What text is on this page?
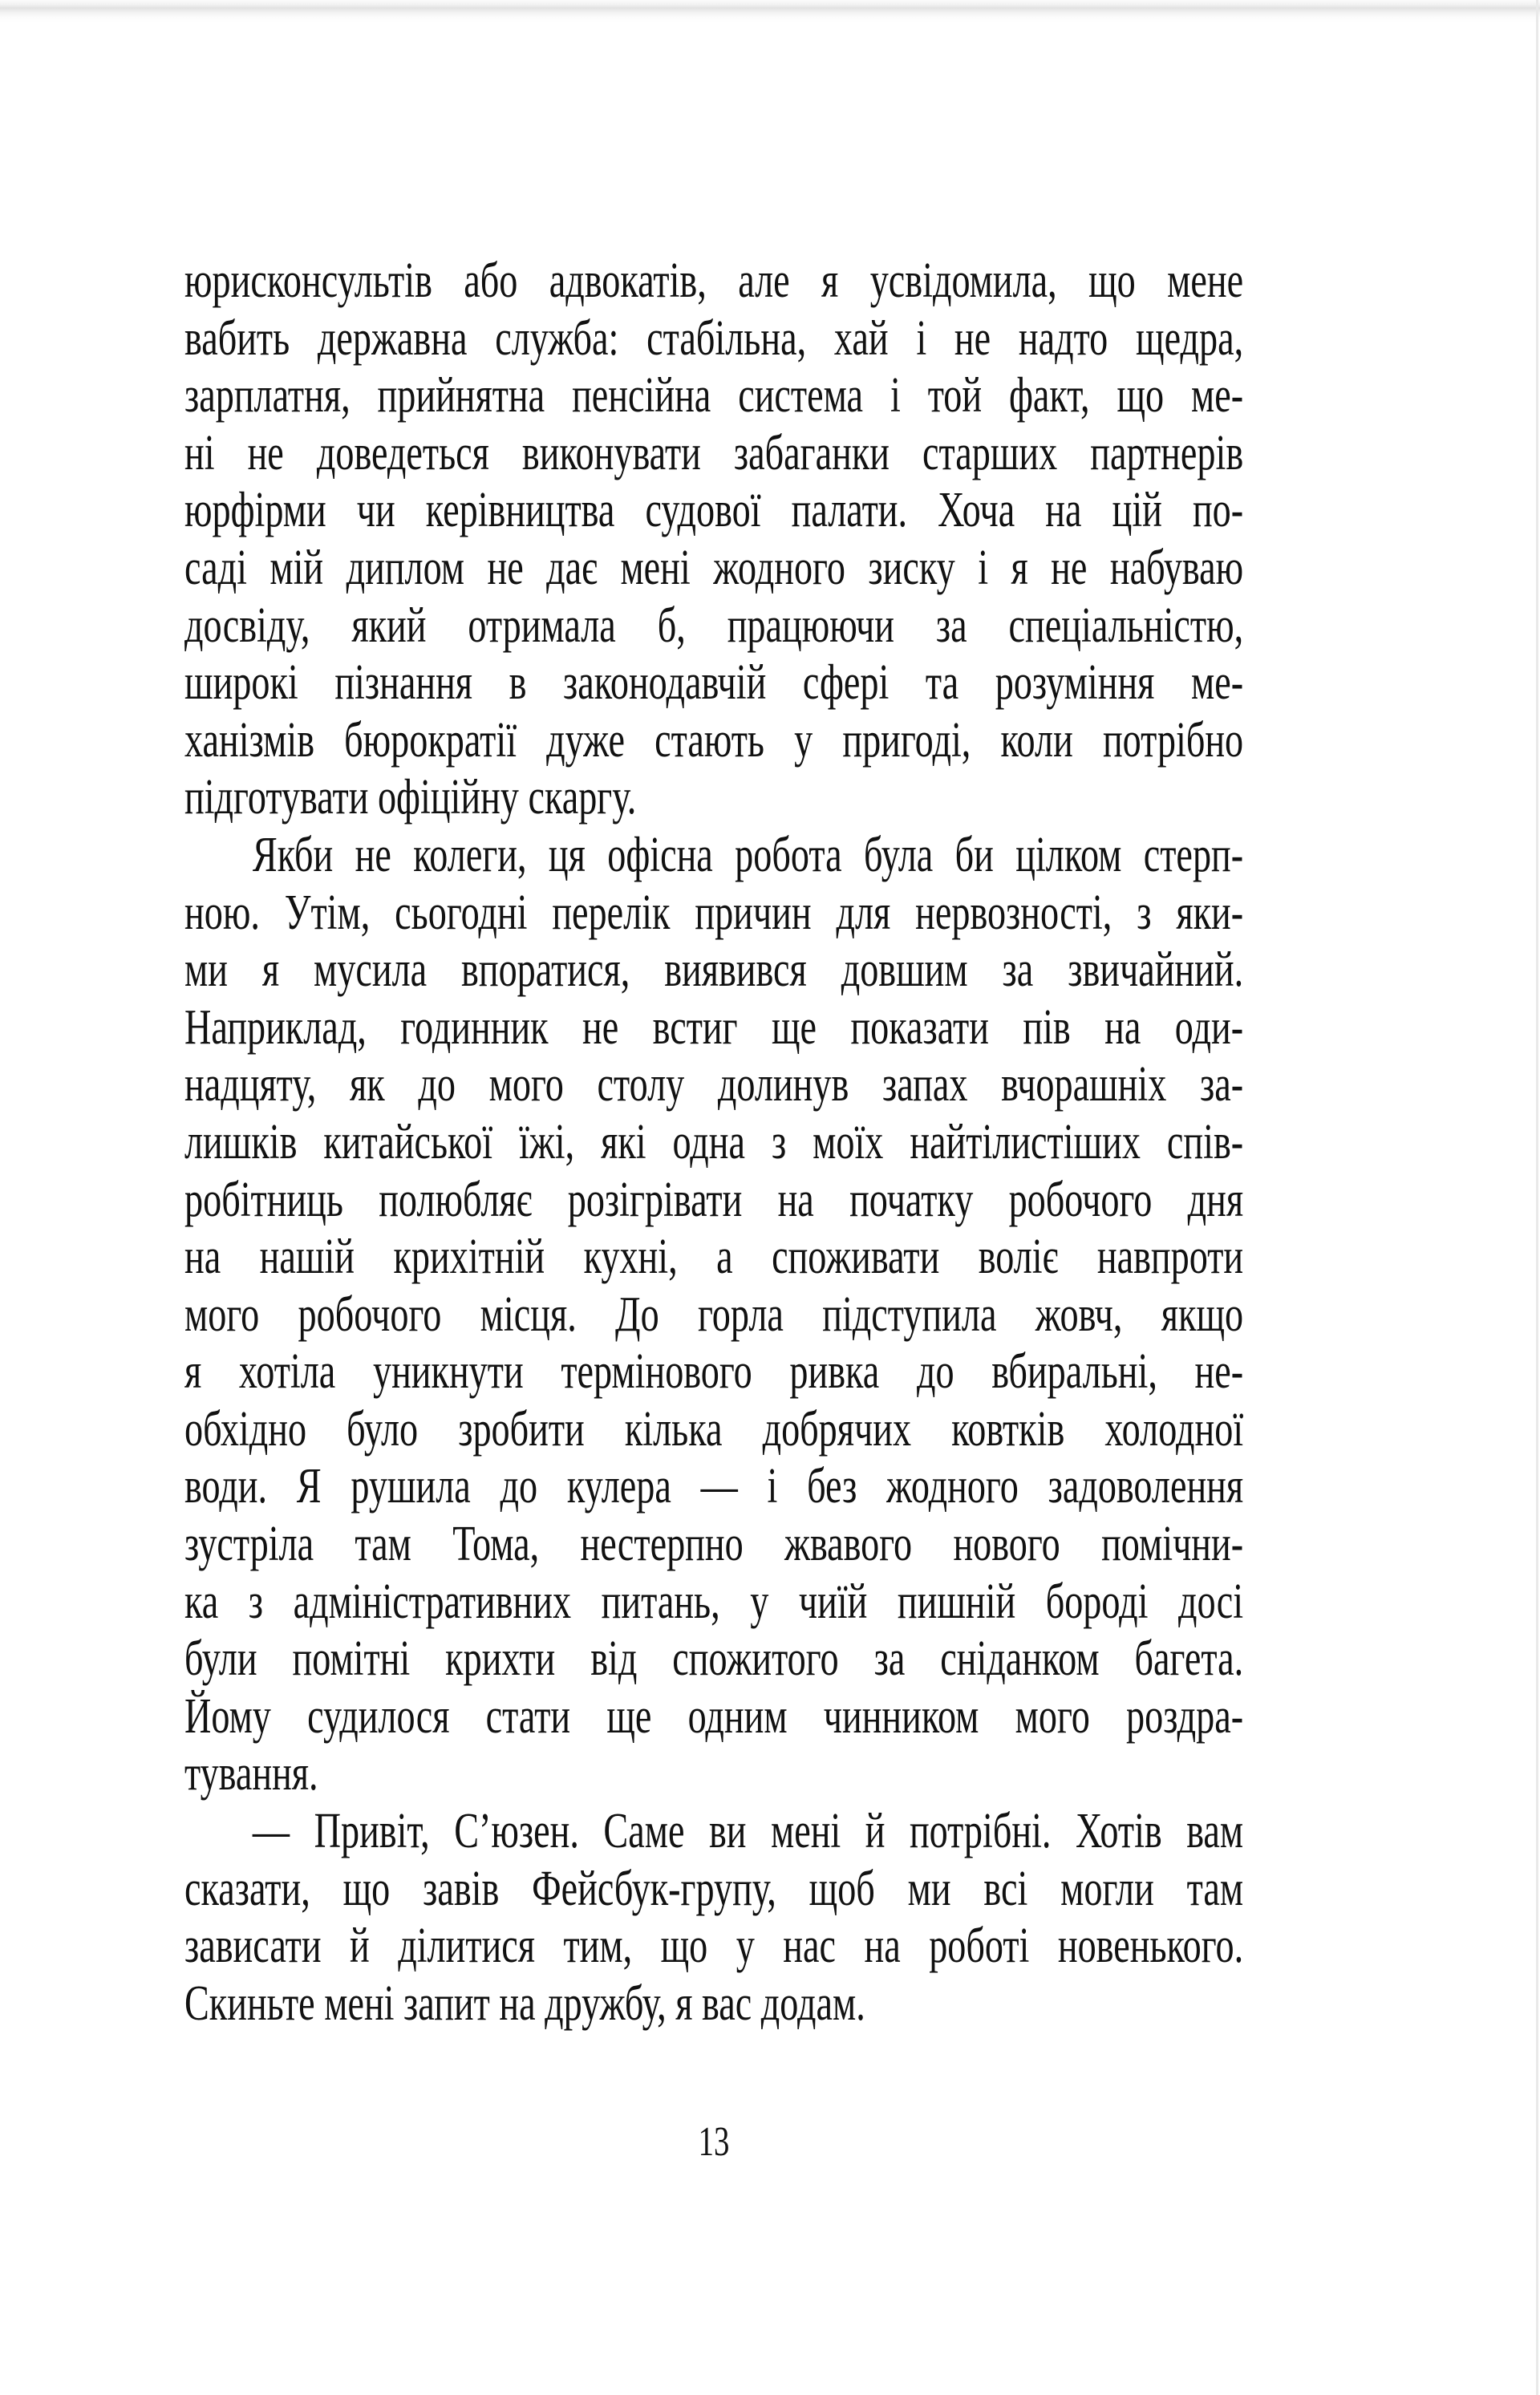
юрисконсультів або адвокатів, але я усвідомила, що мене
вабить державна служба: стабільна, хай і не надто щедра,
зарплатня, прийнятна пенсійна система і той факт, що ме-
ні не доведеться виконувати забаганки старших партнерів
юрфірми чи керівництва судової палати. Хоча на цій по-
саді мій диплом не дає мені жодного зиску і я не набуваю
досвіду, який отримала б, працюючи за спеціальністю,
широкі пізнання в законодавчій сфері та розуміння ме-
ханізмів бюрократії дуже стають у пригоді, коли потрібно
підготувати офіційну скаргу.
Якби не колеги, ця офісна робота була би цілком стерп-
ною. Утім, сьогодні перелік причин для нервозності, з яки-
ми я мусила впоратися, виявився довшим за звичайний.
Наприклад, годинник не встиг ще показати пів на оди-
надцяту, як до мого столу долинув запах вчорашніх за-
лишків китайської їжі, які одна з моїх найтілистіших спів-
робітниць полюбляє розігрівати на початку робочого дня
на нашій крихітній кухні, а споживати воліє навпроти
мого робочого місця. До горла підступила жовч, якщо
я хотіла уникнути термінового ривка до вбиральні, не-
обхідно було зробити кілька добрячих ковтків холодної
води. Я рушила до кулера — і без жодного задоволення
зустріла там Тома, нестерпно жвавого нового помічни-
ка з адміністративних питань, у чиїй пишній бороді досі
були помітні крихти від спожитого за сніданком багета.
Йому судилося стати ще одним чинником мого роздра-
тування.
— Привіт, С’юзен. Саме ви мені й потрібні. Хотів вам
сказати, що завів Фейсбук-групу, щоб ми всі могли там
зависати й ділитися тим, що у нас на роботі новенького.
Скиньте мені запит на дружбу, я вас додам.
13
